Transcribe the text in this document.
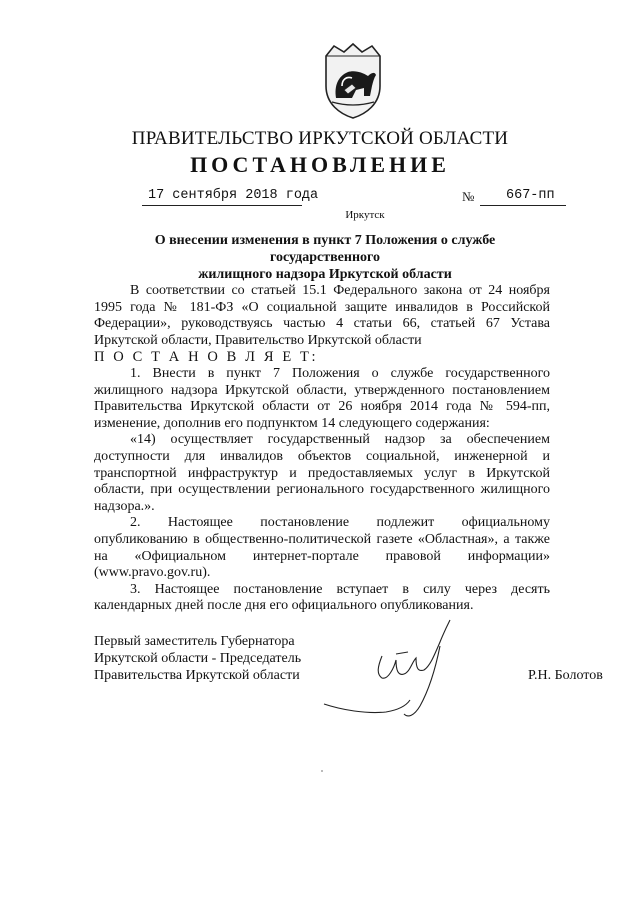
ПРАВИТЕЛЬСТВО ИРКУТСКОЙ ОБЛАСТИ
ПОСТАНОВЛЕНИЕ
17 сентября 2018 года	№ 667-пп
Иркутск
О внесении изменения в пункт 7 Положения о службе государственного
жилищного надзора Иркутской области

В соответствии со статьей 15.1 Федерального закона от 24 ноября 1995 года № 181-ФЗ «О социальной защите инвалидов в Российской Федерации», руководствуясь частью 4 статьи 66, статьей 67 Устава Иркутской области, Правительство Иркутской области

П О С Т А Н О В Л Я Е Т:

1. Внести в пункт 7 Положения о службе государственного жилищного надзора Иркутской области, утвержденного постановлением Правительства Иркутской области от 26 ноября 2014 года № 594-пп, изменение, дополнив его подпунктом 14 следующего содержания:

«14) осуществляет государственный надзор за обеспечением доступности для инвалидов объектов социальной, инженерной и транспортной инфраструктур и предоставляемых услуг в Иркутской области, при осуществлении регионального государственного жилищного надзора.».

2. Настоящее постановление подлежит официальному опубликованию в общественно-политической газете «Областная», а также на «Официальном интернет-портале правовой информации» (www.pravo.gov.ru).

3. Настоящее постановление вступает в силу через десять календарных дней после дня его официального опубликования.

Первый заместитель Губернатора
Иркутской области - Председатель
Правительства Иркутской области	Р.Н. Болотов
